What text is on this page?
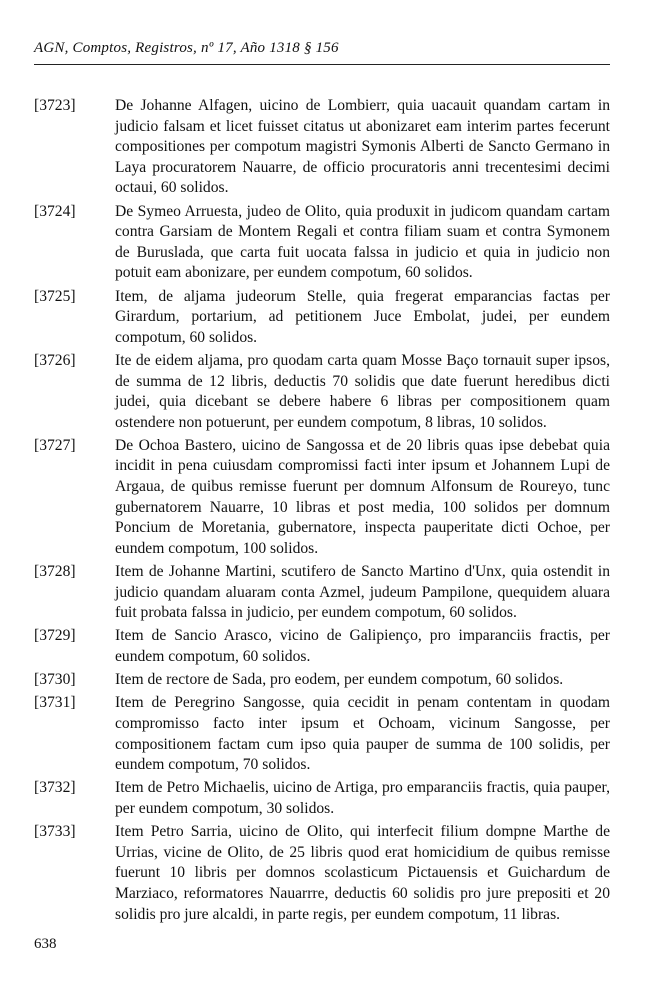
AGN, Comptos, Registros, nº 17, Año 1318 § 156
[3723]	De Johanne Alfagen, uicino de Lombierr, quia uacauit quandam cartam in judicio falsam et licet fuisset citatus ut abonizaret eam interim partes fecerunt compositiones per compotum magistri Symonis Alberti de Sancto Germano in Laya procuratorem Nauarre, de officio procuratoris anni trecentesimi decimi octaui, 60 solidos.
[3724]	De Symeo Arruesta, judeo de Olito, quia produxit in judicom quandam cartam contra Garsiam de Montem Regali et contra filiam suam et contra Symonem de Buruslada, que carta fuit uocata falssa in judicio et quia in judicio non potuit eam abonizare, per eundem compotum, 60 solidos.
[3725]	Item, de aljama judeorum Stelle, quia fregerat emparancias factas per Girardum, portarium, ad petitionem Juce Embolat, judei, per eundem compotum, 60 solidos.
[3726]	Ite de eidem aljama, pro quodam carta quam Mosse Baço tornauit super ipsos, de summa de 12 libris, deductis 70 solidis que date fuerunt heredibus dicti judei, quia dicebant se debere habere 6 libras per compositionem quam ostendere non potuerunt, per eundem compotum, 8 libras, 10 solidos.
[3727]	De Ochoa Bastero, uicino de Sangossa et de 20 libris quas ipse debebat quia incidit in pena cuiusdam compromissi facti inter ipsum et Johannem Lupi de Argaua, de quibus remisse fuerunt per domnum Alfonsum de Roureyo, tunc gubernatorem Nauarre, 10 libras et post media, 100 solidos per domnum Poncium de Moretania, gubernatore, inspecta pauperitate dicti Ochoe, per eundem compotum, 100 solidos.
[3728]	Item de Johanne Martini, scutifero de Sancto Martino d'Unx, quia ostendit in judicio quandam aluaram conta Azmel, judeum Pampilone, quequidem aluara fuit probata falssa in judicio, per eundem compotum, 60 solidos.
[3729]	Item de Sancio Arasco, vicino de Galipienço, pro imparanciis fractis, per eundem compotum, 60 solidos.
[3730]	Item de rectore de Sada, pro eodem, per eundem compotum, 60 solidos.
[3731]	Item de Peregrino Sangosse, quia cecidit in penam contentam in quodam compromisso facto inter ipsum et Ochoam, vicinum Sangosse, per compositionem factam cum ipso quia pauper de summa de 100 solidis, per eundem compotum, 70 solidos.
[3732]	Item de Petro Michaelis, uicino de Artiga, pro emparanciis fractis, quia pauper, per eundem compotum, 30 solidos.
[3733]	Item Petro Sarria, uicino de Olito, qui interfecit filium dompne Marthe de Urrias, vicine de Olito, de 25 libris quod erat homicidium de quibus remisse fuerunt 10 libris per domnos scolasticum Pictauensis et Guichardum de Marziaco, reformatores Nauarrre, deductis 60 solidis pro jure prepositi et 20 solidis pro jure alcaldi, in parte regis, per eundem compotum, 11 libras.
638
